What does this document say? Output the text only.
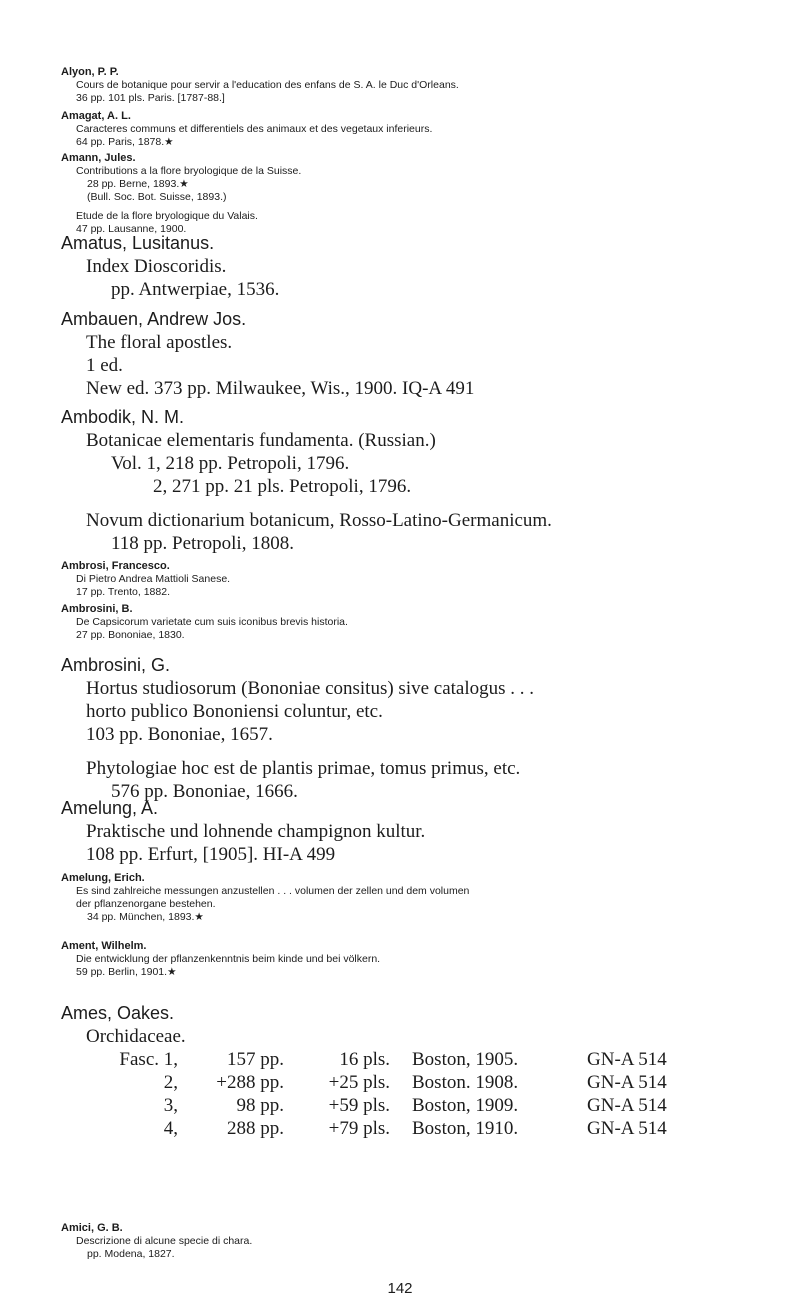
Alyon, P. P.
Cours de botanique pour servir a l'education des enfans de S. A. le Duc d'Orleans.
36 pp. 101 pls. Paris. [1787-88.]
Amagat, A. L.
Caracteres communs et differentiels des animaux et des vegetaux inferieurs.
64 pp. Paris, 1878.★
Amann, Jules.
Contributions a la flore bryologique de la Suisse.
28 pp. Berne, 1893.★
(Bull. Soc. Bot. Suisse, 1893.)
Etude de la flore bryologique du Valais.
47 pp. Lausanne, 1900.
Amatus, Lusitanus.
Index Dioscoridis.
pp. Antwerpiae, 1536.
Ambauen, Andrew Jos.
The floral apostles.
1 ed.
New ed. 373 pp. Milwaukee, Wis., 1900. IQ-A 491
Ambodik, N. M.
Botanicae elementaris fundamenta. (Russian.)
Vol. 1, 218 pp. Petropoli, 1796.
2, 271 pp. 21 pls. Petropoli, 1796.
Novum dictionarium botanicum, Rosso-Latino-Germanicum.
118 pp. Petropoli, 1808.
Ambrosi, Francesco.
Di Pietro Andrea Mattioli Sanese.
17 pp. Trento, 1882.
Ambrosini, B.
De Capsicorum varietate cum suis iconibus brevis historia.
27 pp. Bononiae, 1830.
Ambrosini, G.
Hortus studiosorum (Bononiae consitus) sive catalogus . . .
horto publico Bononiensi coluntur, etc.
103 pp. Bononiae, 1657.
Phytologiae hoc est de plantis primae, tomus primus, etc.
576 pp. Bononiae, 1666.
Amelung, A.
Praktische und lohnende champignon kultur.
108 pp. Erfurt, [1905]. HI-A 499
Amelung, Erich.
Es sind zahlreiche messungen anzustellen . . . volumen der zellen und dem volumen
der pflanzenorgane bestehen.
34 pp. München, 1893.★
Ament, Wilhelm.
Die entwicklung der pflanzenkenntnis beim kinde und bei völkern.
59 pp. Berlin, 1901.★
Ames, Oakes.
Orchidaceae.
Fasc. 1,	157 pp.	16 pls. Boston, 1905.	GN-A 514
2, +288 pp. +25 pls. Boston. 1908.	GN-A 514
3,	98 pp. +59 pls. Boston, 1909.	GN-A 514
4,	288 pp. +79 pls. Boston, 1910.	GN-A 514
Amici, G. B.
Descrizione di alcune specie di chara.
pp. Modena, 1827.
142
